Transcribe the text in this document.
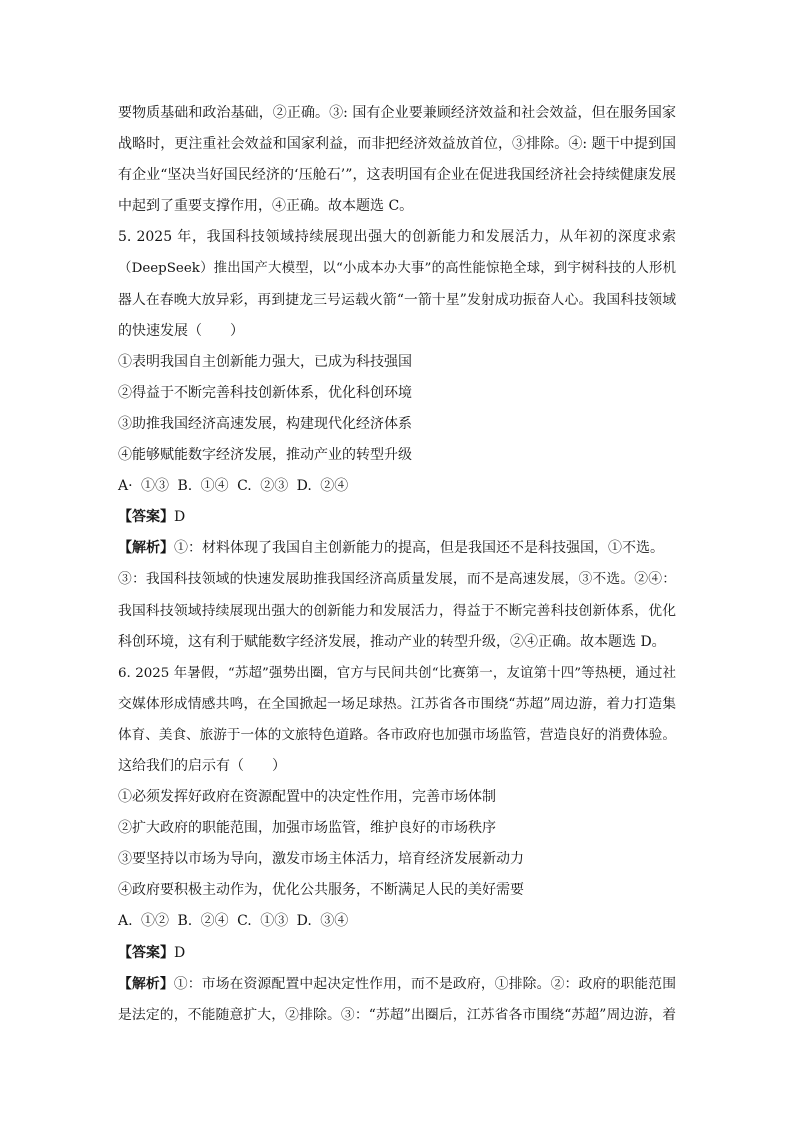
要物质基础和政治基础，②正确。③: 国有企业要兼顾经济效益和社会效益，但在服务国家
战略时，更注重社会效益和国家利益，而非把经济效益放首位，③排除。④: 题干中提到国
有企业“坚决当好国民经济的‘压舱石’”，这表明国有企业在促进我国经济社会持续健康发展
中起到了重要支撑作用，④正确。故本题选 C。
5. 2025 年，我国科技领域持续展现出强大的创新能力和发展活力，从年初的深度求索
（DeepSeek）推出国产大模型，以“小成本办大事”的高性能惊艳全球，到宇树科技的人形机
器人在春晚大放异彩，再到捷龙三号运载火箭“一箭十星”发射成功振奋人心。我国科技领域
的快速发展（　　）
①表明我国自主创新能力强大，已成为科技强国
②得益于不断完善科技创新体系，优化科创环境
③助推我国经济高速发展，构建现代化经济体系
④能够赋能数字经济发展，推动产业的转型升级
A· ①③ B. ①④ C. ②③ D. ②④
【答案】D
【解析】①：材料体现了我国自主创新能力的提高，但是我国还不是科技强国，①不选。
③：我国科技领域的快速发展助推我国经济高质量发展，而不是高速发展，③不选。②④：
我国科技领域持续展现出强大的创新能力和发展活力，得益于不断完善科技创新体系，优化
科创环境，这有利于赋能数字经济发展，推动产业的转型升级，②④正确。故本题选 D。
6. 2025 年暑假，“苏超”强势出圈，官方与民间共创“比赛第一，友谊第十四”等热梗，通过社
交媒体形成情感共鸣，在全国掀起一场足球热。江苏省各市围绕“苏超”周边游，着力打造集
体育、美食、旅游于一体的文旅特色道路。各市政府也加强市场监管，营造良好的消费体验。
这给我们的启示有（　　）
①必须发挥好政府在资源配置中的决定性作用，完善市场体制
②扩大政府的职能范围，加强市场监管，维护良好的市场秩序
③要坚持以市场为导向，激发市场主体活力，培育经济发展新动力
④政府要积极主动作为，优化公共服务，不断满足人民的美好需要
A. ①② B. ②④ C. ①③ D. ③④
【答案】D
【解析】①：市场在资源配置中起决定性作用，而不是政府，①排除。②：政府的职能范围
是法定的，不能随意扩大，②排除。③：“苏超”出圈后，江苏省各市围绕“苏超”周边游，着
